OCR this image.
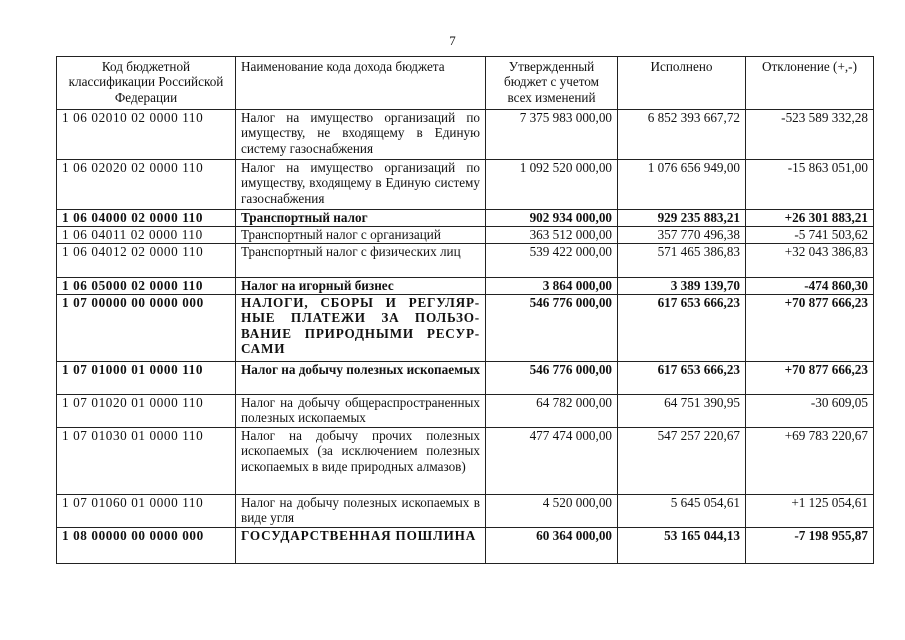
7
Код бюджетной классификации Российской Федерации	Наименование кода дохода бюджета	Утвержденный бюджет с учетом всех изменений	Исполнено	Отклонение (+,-)
1 06 02010 02 0000 110	Налог на имущество организаций по имуществу, не входящему в Единую систему газоснабжения	7 375 983 000,00	6 852 393 667,72	-523 589 332,28
1 06 02020 02 0000 110	Налог на имущество организаций по имуществу, входящему в Единую систему газоснабжения	1 092 520 000,00	1 076 656 949,00	-15 863 051,00
1 06 04000 02 0000 110	Транспортный налог	902 934 000,00	929 235 883,21	+26 301 883,21
1 06 04011 02 0000 110	Транспортный налог с организаций	363 512 000,00	357 770 496,38	-5 741 503,62
1 06 04012 02 0000 110	Транспортный налог с физических лиц	539 422 000,00	571 465 386,83	+32 043 386,83
1 06 05000 02 0000 110	Налог на игорный бизнес	3 864 000,00	3 389 139,70	-474 860,30
1 07 00000 00 0000 000	НАЛОГИ, СБОРЫ И РЕГУЛЯР-НЫЕ ПЛАТЕЖИ ЗА ПОЛЬЗО-ВАНИЕ ПРИРОДНЫМИ РЕСУР-САМИ	546 776 000,00	617 653 666,23	+70 877 666,23
1 07 01000 01 0000 110	Налог на добычу полезных ископаемых	546 776 000,00	617 653 666,23	+70 877 666,23
1 07 01020 01 0000 110	Налог на добычу общераспространенных полезных ископаемых	64 782 000,00	64 751 390,95	-30 609,05
1 07 01030 01 0000 110	Налог на добычу прочих полезных ископаемых (за исключением полезных ископаемых в виде природных алмазов)	477 474 000,00	547 257 220,67	+69 783 220,67
1 07 01060 01 0000 110	Налог на добычу полезных ископаемых в виде угля	4 520 000,00	5 645 054,61	+1 125 054,61
1 08 00000 00 0000 000	ГОСУДАРСТВЕННАЯ ПОШЛИНА	60 364 000,00	53 165 044,13	-7 198 955,87
